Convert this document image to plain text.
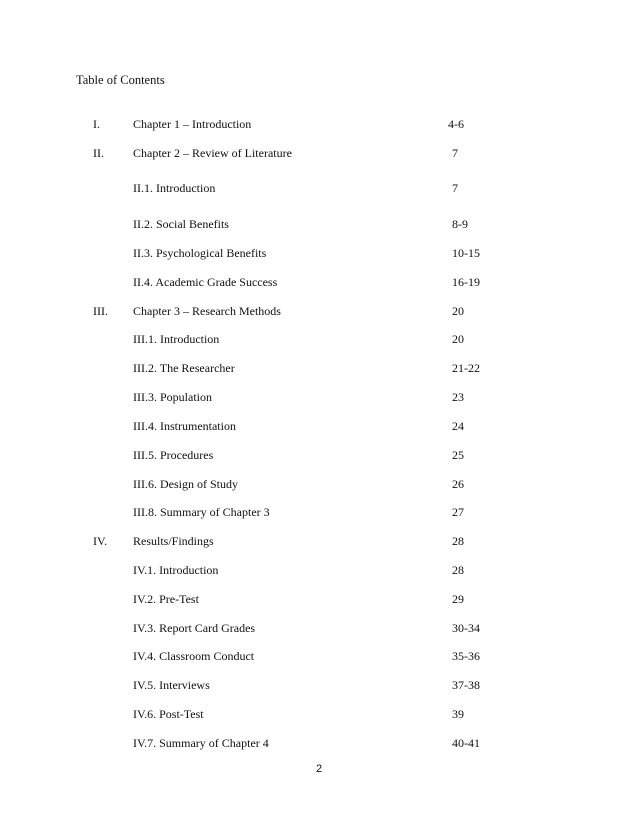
Table of Contents
I.	Chapter 1 – Introduction	4-6
II. Chapter 2 – Review of Literature	7
II.1. Introduction	7
II.2. Social Benefits	8-9
II.3. Psychological Benefits	10-15
II.4. Academic Grade Success	16-19
III. Chapter 3 – Research Methods	20
III.1. Introduction	20
III.2. The Researcher	21-22
III.3. Population	23
III.4. Instrumentation	24
III.5. Procedures	25
III.6. Design of Study	26
III.8. Summary of Chapter 3	27
IV. Results/Findings	28
IV.1. Introduction	28
IV.2. Pre-Test	29
IV.3. Report Card Grades	30-34
IV.4. Classroom Conduct	35-36
IV.5. Interviews	37-38
IV.6. Post-Test	39
IV.7. Summary of Chapter 4	40-41
2
